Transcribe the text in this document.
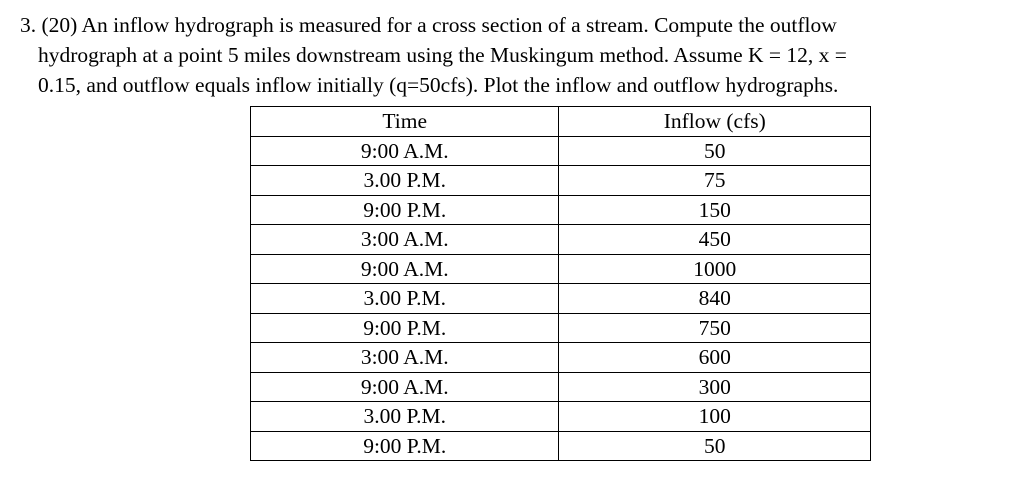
3. (20) An inflow hydrograph is measured for a cross section of a stream. Compute the outflow
hydrograph at a point 5 miles downstream using the Muskingum method. Assume K = 12, x =
0.15, and outflow equals inflow initially (q=50cfs). Plot the inflow and outflow hydrographs.
Time	Inflow (cfs)
9:00 A.M.	50
3.00 P.M.	75
9:00 P.M.	150
3:00 A.M.	450
9:00 A.M.	1000
3.00 P.M.	840
9:00 P.M.	750
3:00 A.M.	600
9:00 A.M.	300
3.00 P.M.	100
9:00 P.M.	50
